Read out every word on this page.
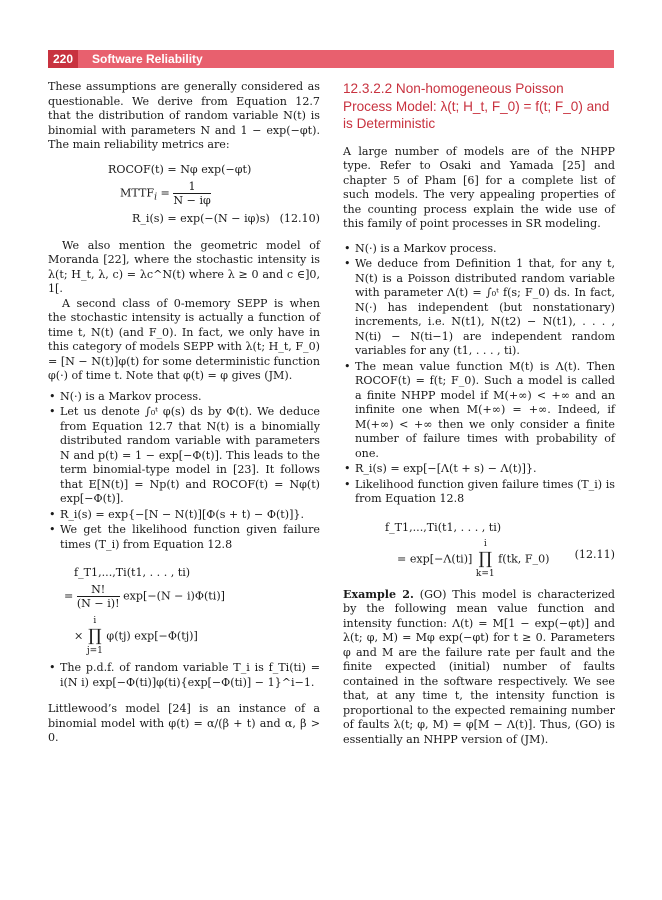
220	Software Reliability

These assumptions are generally considered as questionable. We derive from Equation 12.7 that the distribution of random variable N(t) is binomial with parameters N and 1 − exp(−φt). The main reliability metrics are:

ROCOF(t) = Nφ exp(−φt)
$MTTF_i = \frac{1}{N - i\varphi}$
R_i(s) = exp(−(N − iφ)s) (12.10)

We also mention the geometric model of Moranda [22], where the stochastic intensity is λ(t; H_t, λ, c) = λc^N(t) where λ ≥ 0 and c ∈]0, 1[.

A second class of 0-memory SEPP is when the stochastic intensity is actually a function of time t, N(t) (and F_0). In fact, we only have in this category of models SEPP with λ(t; H_t, F_0) = [N − N(t)]φ(t) for some deterministic function φ(·) of time t. Note that φ(t) = φ gives (JM).

• N(·) is a Markov process.
• Let us denote ∫₀ᵗ φ(s) ds by Φ(t). We deduce from Equation 12.7 that N(t) is a binomially distributed random variable with parameters N and p(t) = 1 − exp[−Φ(t)]. This leads to the term binomial-type model in [23]. It follows that E[N(t)] = Np(t) and ROCOF(t) = Nφ(t) exp[−Φ(t)].
• R_i(s) = exp{−[N − N(t)][Φ(s + t) − Φ(t)]}.
• We get the likelihood function given failure times (T_i) from Equation 12.8
f_T1,...,Ti(t1, . . . , ti)
= $\frac{N!}{(N - i)!} \exp[-(N - i)\Phi(ti)]$
×
i
∏
j=1
φ(tj) exp[−Φ(tj)]
• The p.d.f. of random variable T_i is f_Ti(ti) = i(N i) exp[−Φ(ti)]φ(ti){exp[−Φ(ti)] − 1}^i−1.

Littlewood’s model [24] is an instance of a binomial model with φ(t) = α/(β + t) and α, β > 0.

12.3.2.2 Non-homogeneous Poisson Process Model: λ(t; H_t, F_0) = f(t; F_0) and is Deterministic

A large number of models are of the NHPP type. Refer to Osaki and Yamada [25] and chapter 5 of Pham [6] for a complete list of such models. The very appealing properties of the counting process explain the wide use of this family of point processes in SR modeling.

• N(·) is a Markov process.
• We deduce from Definition 1 that, for any t, N(t) is a Poisson distributed random variable with parameter Λ(t) = ∫₀ᵗ f(s; F_0) ds. In fact, N(·) has independent (but nonstationary) increments, i.e. N(t1), N(t2) − N(t1), . . . , N(ti) − N(ti−1) are independent random variables for any (t1, . . . , ti).
• The mean value function M(t) is Λ(t). Then ROCOF(t) = f(t; F_0). Such a model is called a finite NHPP model if M(+∞) < +∞ and an infinite one when M(+∞) = +∞. Indeed, if M(+∞) < +∞ then we only consider a finite number of failure times with probability of one.
• R_i(s) = exp[−[Λ(t + s) − Λ(t)]}.
• Likelihood function given failure times (T_i) is from Equation 12.8
f_T1,...,Ti(t1, . . . , ti)
= exp[−Λ(ti)]
i
∏
k=1
f(tk, F_0) (12.11)

Example 2. (GO) This model is characterized by the following mean value function and intensity function: Λ(t) = M[1 − exp(−φt)] and λ(t; φ, M) = Mφ exp(−φt) for t ≥ 0. Parameters φ and M are the failure rate per fault and the finite expected (initial) number of faults contained in the software respectively. We see that, at any time t, the intensity function is proportional to the expected remaining number of faults λ(t; φ, M) = φ[M − Λ(t)]. Thus, (GO) is essentially an NHPP version of (JM).
